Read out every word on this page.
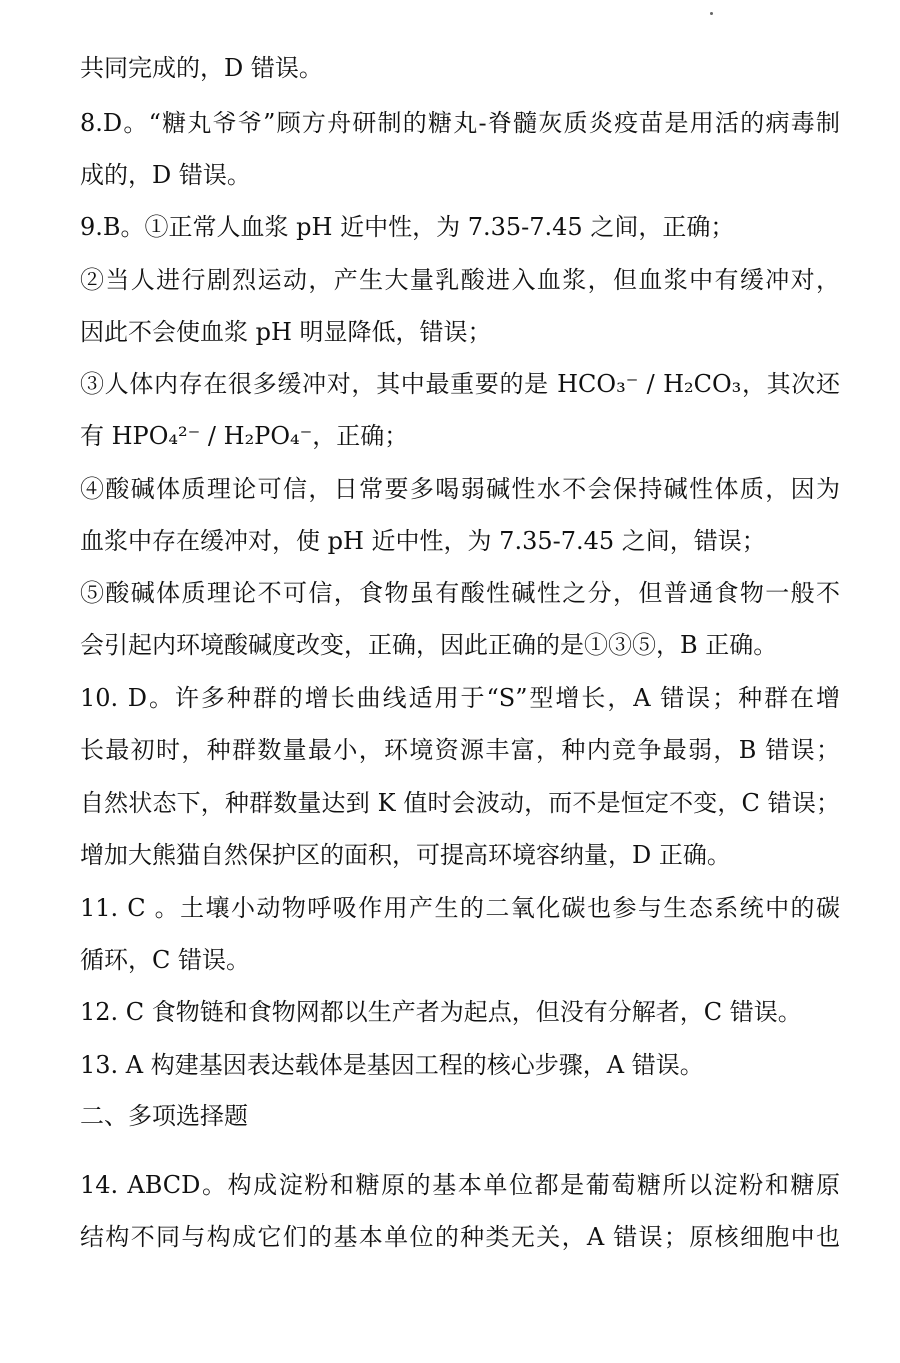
共同完成的，D 错误。
8.D。“糖丸爷爷”顾方舟研制的糖丸-脊髓灰质炎疫苗是用活的病毒制
成的，D 错误。
9.B。①正常人血浆 pH 近中性，为 7.35-7.45 之间，正确；
②当人进行剧烈运动，产生大量乳酸进入血浆，但血浆中有缓冲对，
因此不会使血浆 pH 明显降低，错误；
③人体内存在很多缓冲对，其中最重要的是 HCO₃⁻ / H₂CO₃，其次还
有 HPO₄²⁻ / H₂PO₄⁻，正确；
④酸碱体质理论可信，日常要多喝弱碱性水不会保持碱性体质，因为
血浆中存在缓冲对，使 pH 近中性，为 7.35-7.45 之间，错误；
⑤酸碱体质理论不可信，食物虽有酸性碱性之分，但普通食物一般不
会引起内环境酸碱度改变，正确，因此正确的是①③⑤，B 正确。
10. D。许多种群的增长曲线适用于“S”型增长，A 错误；种群在增
长最初时，种群数量最小，环境资源丰富，种内竞争最弱，B 错误；
自然状态下，种群数量达到 K 值时会波动，而不是恒定不变，C 错误；
增加大熊猫自然保护区的面积，可提高环境容纳量，D 正确。
11. C 。土壤小动物呼吸作用产生的二氧化碳也参与生态系统中的碳
循环，C 错误。
12. C 食物链和食物网都以生产者为起点，但没有分解者，C 错误。
13. A 构建基因表达载体是基因工程的核心步骤，A 错误。
二、多项选择题
14. ABCD。构成淀粉和糖原的基本单位都是葡萄糖所以淀粉和糖原
结构不同与构成它们的基本单位的种类无关，A 错误；原核细胞中也
